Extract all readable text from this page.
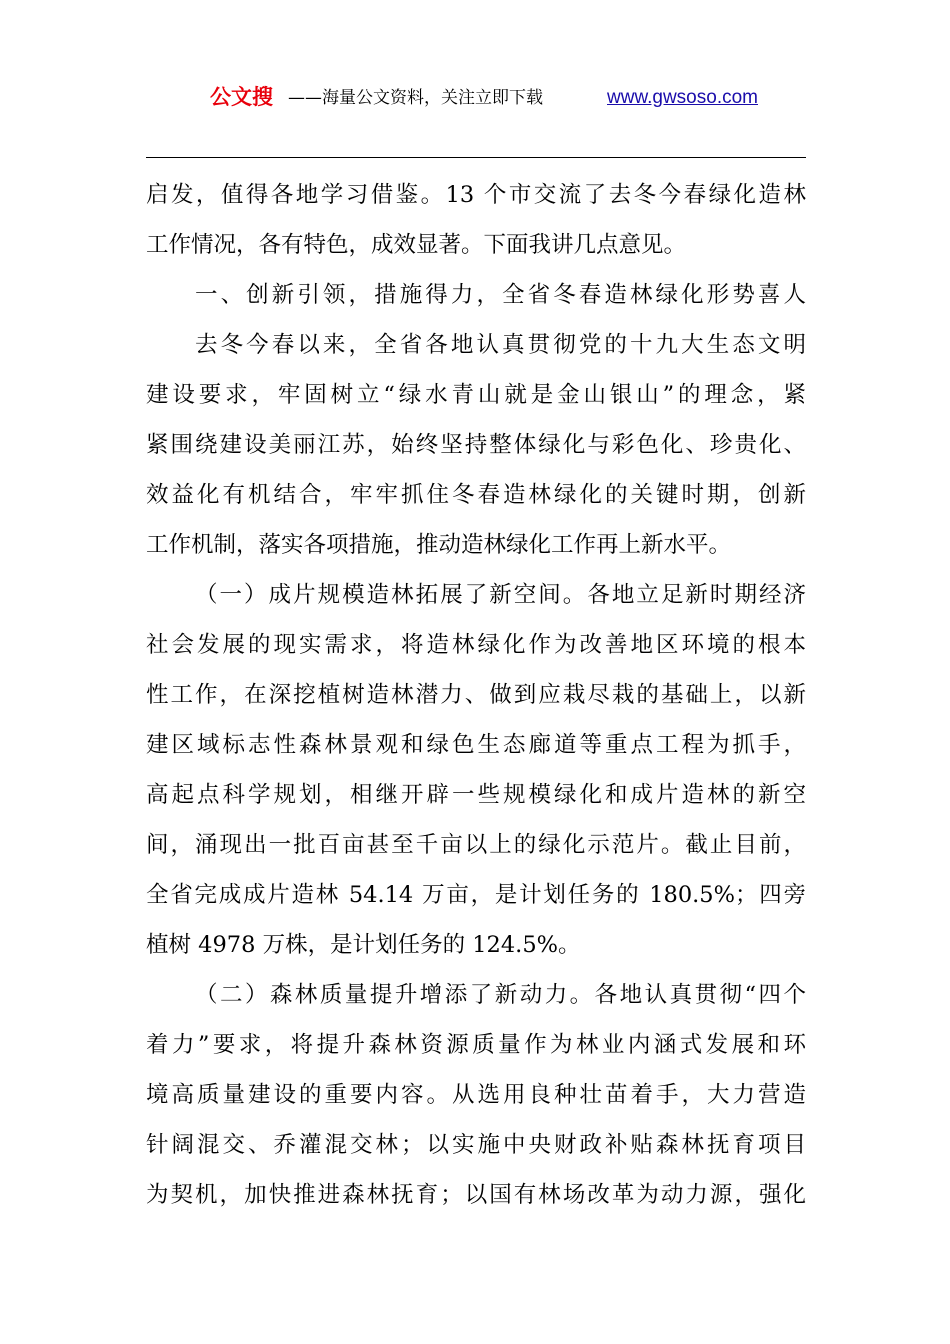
公文搜 ——海量公文资料，关注立即下载	www.gwsoso.com
启发，值得各地学习借鉴。13 个市交流了去冬今春绿化造林
工作情况，各有特色，成效显著。下面我讲几点意见。
一、创新引领，措施得力，全省冬春造林绿化形势喜人
去冬今春以来，全省各地认真贯彻党的十九大生态文明
建设要求，牢固树立“绿水青山就是金山银山”的理念，紧
紧围绕建设美丽江苏，始终坚持整体绿化与彩色化、珍贵化、
效益化有机结合，牢牢抓住冬春造林绿化的关键时期，创新
工作机制，落实各项措施，推动造林绿化工作再上新水平。
（一）成片规模造林拓展了新空间。各地立足新时期经济
社会发展的现实需求，将造林绿化作为改善地区环境的根本
性工作，在深挖植树造林潜力、做到应栽尽栽的基础上，以新
建区域标志性森林景观和绿色生态廊道等重点工程为抓手，
高起点科学规划，相继开辟一些规模绿化和成片造林的新空
间，涌现出一批百亩甚至千亩以上的绿化示范片。截止目前，
全省完成成片造林 54.14 万亩，是计划任务的 180.5%；四旁
植树 4978 万株，是计划任务的 124.5%。
（二）森林质量提升增添了新动力。各地认真贯彻“四个
着力”要求，将提升森林资源质量作为林业内涵式发展和环
境高质量建设的重要内容。从选用良种壮苗着手，大力营造
针阔混交、乔灌混交林；以实施中央财政补贴森林抚育项目
为契机，加快推进森林抚育；以国有林场改革为动力源，强化
